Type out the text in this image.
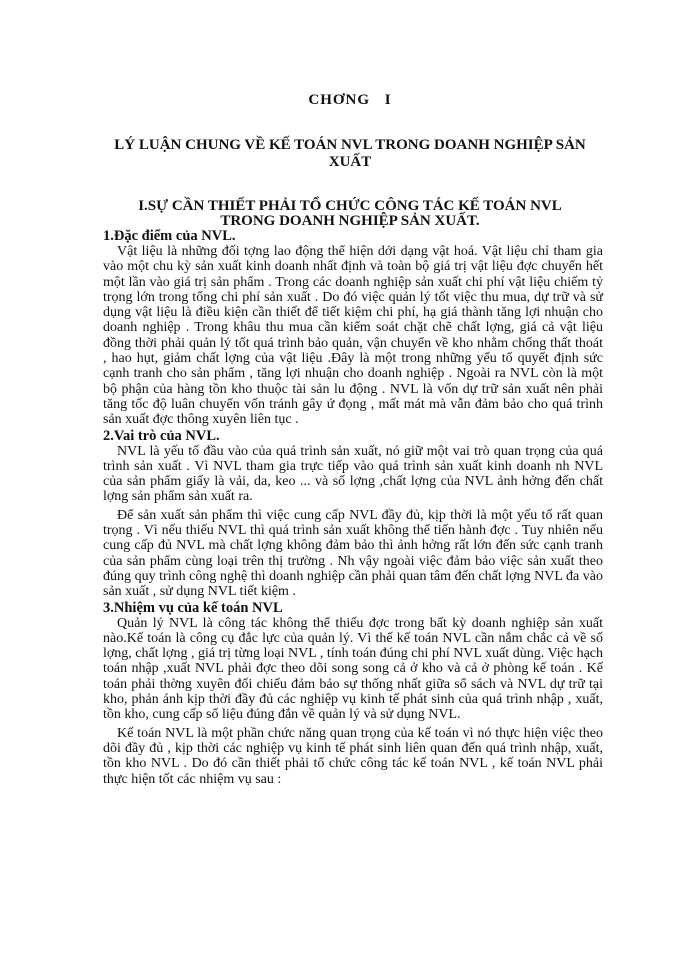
CHƠNG I
LÝ LUẬN CHUNG VỀ KẾ TOÁN NVL TRONG DOANH NGHIỆP SẢN XUẤT
I.SỰ CẦN THIẾT PHẢI TỔ CHỨC CÔNG TÁC KẾ TOÁN NVL TRONG DOANH NGHIỆP SẢN XUẤT.
1.Đặc điểm của NVL.

Vật liệu là những đối tợng lao động thể hiện dới dạng vật hoá. Vật liệu chỉ tham gia vào một chu kỳ sản xuất kinh doanh nhất định và toàn bộ giá trị vật liệu đợc chuyển hết một lần vào giá trị sản phẩm . Trong các doanh nghiệp sản xuất chi phí vật liệu chiếm tỷ trọng lớn trong tổng chi phí sản xuất . Do đó việc quản lý tốt việc thu mua, dự trữ và sử dụng vật liệu là điều kiện cần thiết để tiết kiệm chi phí, hạ giá thành tăng lợi nhuận cho doanh nghiệp . Trong khâu thu mua cần kiểm soát chặt chẽ chất lợng, giá cả vật liệu đồng thời phải quản lý tốt quá trình bảo quản, vận chuyển về kho nhằm chống thất thoát , hao hụt, giảm chất lợng của vật liệu .Đây là một trong những yếu tố quyết định sức cạnh tranh cho sản phẩm , tăng lợi nhuận cho doanh nghiệp . Ngoài ra NVL còn là một bộ phận của hàng tồn kho thuộc tài sản lu động . NVL là vốn dự trữ sản xuất nên phải tăng tốc độ luân chuyển vốn tránh gây ứ đọng , mất mát mà vẫn đảm bảo cho quá trình sản xuất đợc thông xuyên liên tục .

2.Vai trò của NVL.

NVL là yếu tố đầu vào của quá trình sản xuất, nó giữ một vai trò quan trọng của quá trình sản xuất . Vì NVL tham gia trực tiếp vào quá trình sản xuất kinh doanh nh NVL của sản phẩm giấy là vải, da, keo ... và số lợng ,chất lợng của NVL ảnh hởng đến chất lợng sản phẩm sản xuất ra.

Để sản xuất sản phẩm thì việc cung cấp NVL đầy đủ, kịp thời là một yếu tố rất quan trọng . Vì nếu thiếu NVL thì quá trình sản xuất không thể tiến hành đợc . Tuy nhiên nếu cung cấp đủ NVL mà chất lợng không đảm bảo thì ảnh hởng rất lớn đến sức cạnh tranh của sản phẩm cùng loại trên thị trường . Nh vậy ngoài việc đảm bảo việc sản xuất theo đúng quy trình công nghệ thì doanh nghiệp cần phải quan tâm đến chất lợng NVL đa vào sản xuất , sử dụng NVL tiết kiệm .

3.Nhiệm vụ của kế toán NVL

Quản lý NVL là công tác không thể thiếu đợc trong bất kỳ doanh nghiệp sản xuất nào.Kế toán là công cụ đắc lực của quản lý. Vì thế kế toán NVL cần nắm chắc cả về số lợng, chất lợng , giá trị từng loại NVL , tính toán đúng chi phí NVL xuất dùng. Việc hạch toán nhập ,xuất NVL phải đợc theo dõi song song cả ở kho và cả ở phòng kế toán . Kế toán phải thờng xuyên đối chiếu đảm bảo sự thống nhất giữa sổ sách và NVL dự trữ tại kho, phản ánh kịp thời đầy đủ các nghiệp vụ kinh tế phát sinh của quá trình nhập , xuất, tồn kho, cung cấp số liệu đúng đắn về quản lý và sử dụng NVL.

Kế toán NVL là một phần chức năng quan trọng của kế toán vì nó thực hiện việc theo dõi đầy đủ , kịp thời các nghiệp vụ kinh tế phát sinh liên quan đến quá trình nhập, xuất, tồn kho NVL . Do đó cần thiết phải tổ chức công tác kế toán NVL , kế toán NVL phải thực hiện tốt các nhiệm vụ sau :
